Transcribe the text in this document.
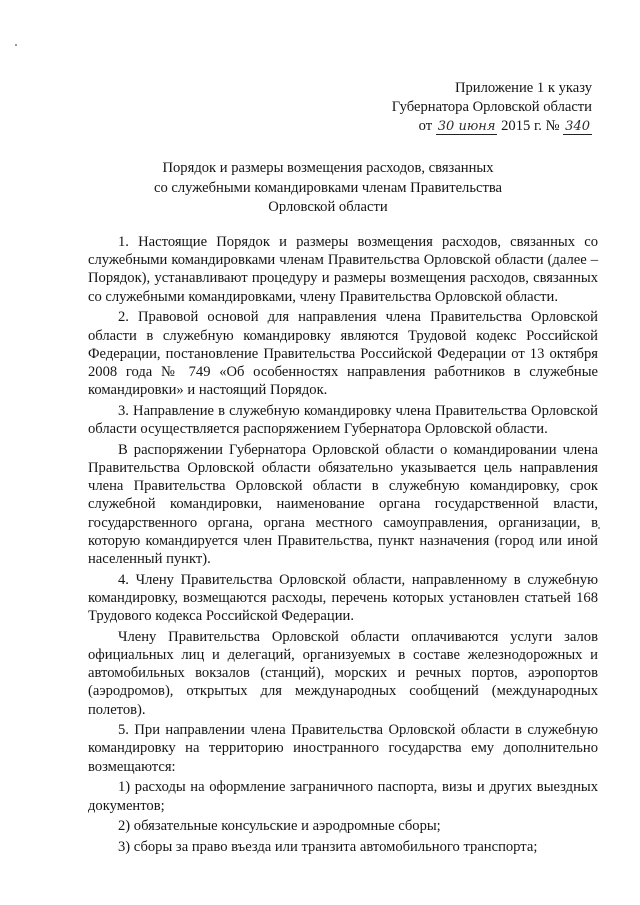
Приложение 1 к указу
Губернатора Орловской области
от 30 июня 2015 г. № 340
Порядок и размеры возмещения расходов, связанных
со служебными командировками членам Правительства
Орловской области

1. Настоящие Порядок и размеры возмещения расходов, связанных со служебными командировками членам Правительства Орловской области (далее – Порядок), устанавливают процедуру и размеры возмещения расходов, связанных со служебными командировками, члену Правительства Орловской области.

2. Правовой основой для направления члена Правительства Орловской области в служебную командировку являются Трудовой кодекс Российской Федерации, постановление Правительства Российской Федерации от 13 октября 2008 года № 749 «Об особенностях направления работников в служебные командировки» и настоящий Порядок.

3. Направление в служебную командировку члена Правительства Орловской области осуществляется распоряжением Губернатора Орловской области.

В распоряжении Губернатора Орловской области о командировании члена Правительства Орловской области обязательно указывается цель направления члена Правительства Орловской области в служебную командировку, срок служебной командировки, наименование органа государственной власти, государственного органа, органа местного самоуправления, организации, в которую командируется член Правительства, пункт назначения (город или иной населенный пункт).

4. Члену Правительства Орловской области, направленному в служебную командировку, возмещаются расходы, перечень которых установлен статьей 168 Трудового кодекса Российской Федерации.

Члену Правительства Орловской области оплачиваются услуги залов официальных лиц и делегаций, организуемых в составе железнодорожных и автомобильных вокзалов (станций), морских и речных портов, аэропортов (аэродромов), открытых для международных сообщений (международных полетов).

5. При направлении члена Правительства Орловской области в служебную командировку на территорию иностранного государства ему дополнительно возмещаются:

1) расходы на оформление заграничного паспорта, визы и других выездных документов;

2) обязательные консульские и аэродромные сборы;

3) сборы за право въезда или транзита автомобильного транспорта;
